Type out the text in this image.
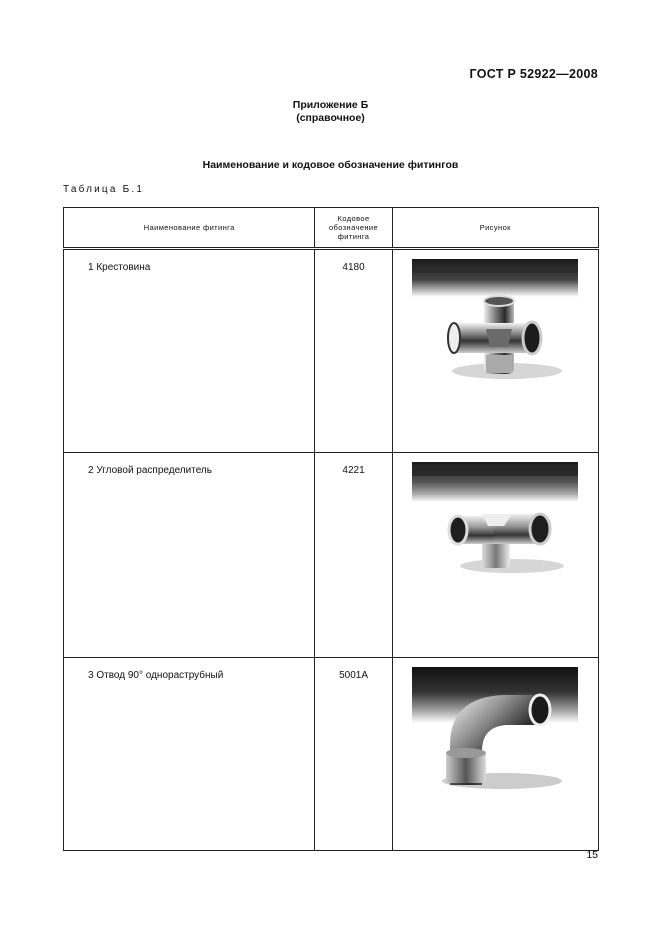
ГОСТ Р 52922—2008
Приложение Б
(справочное)
Наименование и кодовое обозначение фитингов
Таблица Б.1
Наименование фитинга	Кодовое
обозначение
фитинга	Рисунок
1 Крестовина	4180	

2 Угловой распределитель	4221	

3 Отвод 90° однораструбный	5001A	
15
